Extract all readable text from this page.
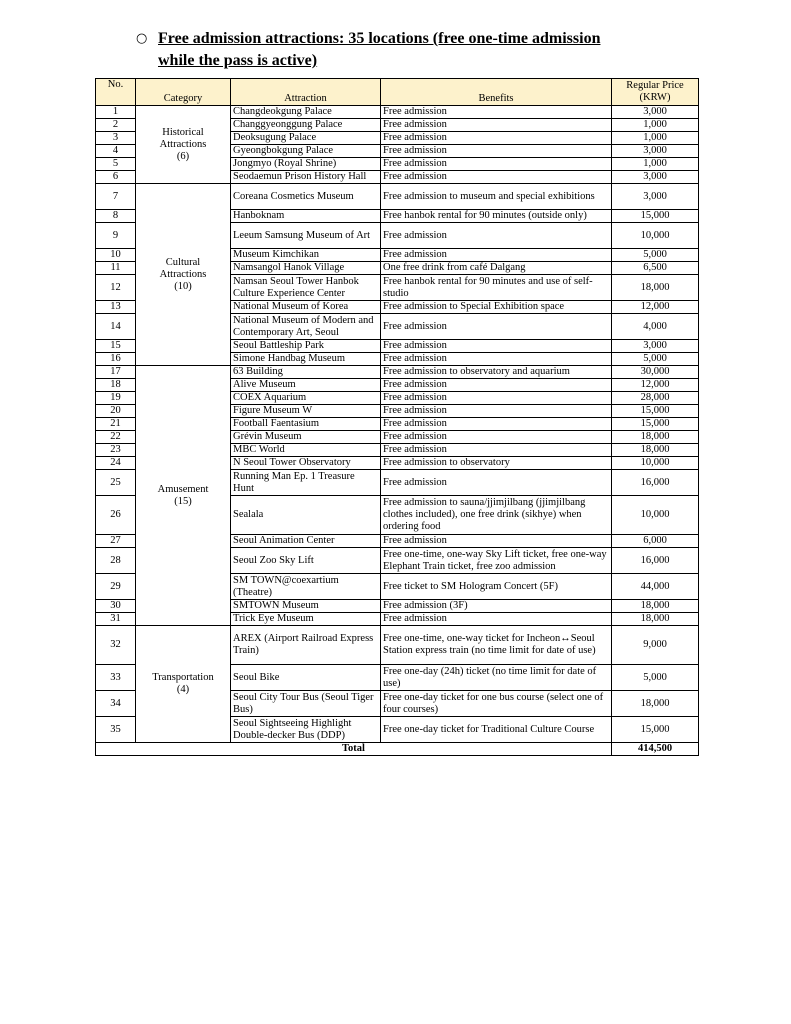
○ Free admission attractions: 35 locations (free one-time admission
while the pass is active)
No.	Category	Attraction	Benefits	Regular Price
(KRW)

1	Historical
Attractions
(6)	Changdeokgung Palace	Free admission	3,000
2		Changgyeonggung Palace	Free admission	1,000
3		Deoksugung Palace	Free admission	1,000
4		Gyeongbokgung Palace	Free admission	3,000
5		Jongmyo (Royal Shrine)	Free admission	1,000
6		Seodaemun Prison History Hall	Free admission	3,000
7	Cultural
Attractions
(10)	Coreana Cosmetics Museum	Free admission to museum and special exhibitions	3,000
8		Hanboknam	Free hanbok rental for 90 minutes (outside only)	15,000
9		Leeum Samsung Museum of Art	Free admission	10,000
10		Museum Kimchikan	Free admission	5,000
11		Namsangol Hanok Village	One free drink from café Dalgang	6,500
12		Namsan Seoul Tower Hanbok Culture Experience Center	Free hanbok rental for 90 minutes and use of self-studio	18,000
13		National Museum of Korea	Free admission to Special Exhibition space	12,000
14		National Museum of Modern and Contemporary Art, Seoul	Free admission	4,000
15		Seoul Battleship Park	Free admission	3,000
16		Simone Handbag Museum	Free admission	5,000
17	Amusement
(15)	63 Building	Free admission to observatory and aquarium	30,000
18		Alive Museum	Free admission	12,000
19		COEX Aquarium	Free admission	28,000
20		Figure Museum W	Free admission	15,000
21		Football Faentasium	Free admission	15,000
22		Grévin Museum	Free admission	18,000
23		MBC World	Free admission	18,000
24		N Seoul Tower Observatory	Free admission to observatory	10,000
25		Running Man Ep. 1 Treasure Hunt	Free admission	16,000
26		Sealala	Free admission to sauna/jjimjilbang (jjimjilbang clothes included), one free drink (sikhye) when ordering food	10,000
27		Seoul Animation Center	Free admission	6,000
28		Seoul Zoo Sky Lift	Free one-time, one-way Sky Lift ticket, free one-way Elephant Train ticket, free zoo admission	16,000
29		SM TOWN@coexartium (Theatre)	Free ticket to SM Hologram Concert (5F)	44,000
30		SMTOWN Museum	Free admission (3F)	18,000
31		Trick Eye Museum	Free admission	18,000
32	Transportation
(4)	AREX (Airport Railroad Express Train)	Free one-time, one-way ticket for Incheon↔Seoul Station express train (no time limit for date of use)	9,000
33		Seoul Bike	Free one-day (24h) ticket (no time limit for date of use)	5,000
34		Seoul City Tour Bus (Seoul Tiger Bus)	Free one-day ticket for one bus course (select one of four courses)	18,000
35		Seoul Sightseeing Highlight Double-decker Bus (DDP)	Free one-day ticket for Traditional Culture Course	15,000
Total				414,500
